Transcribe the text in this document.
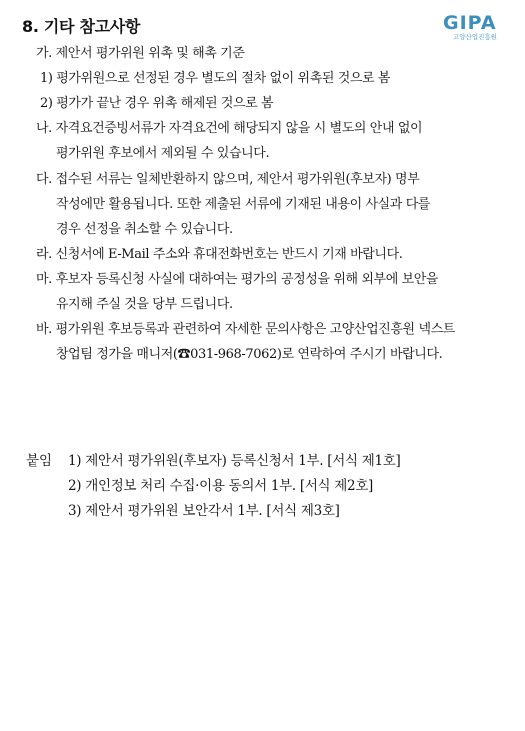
8. 기타 참고사항	GIPA
고양산업진흥원
가. 제안서 평가위원 위촉 및 해촉 기준
1) 평가위원으로 선정된 경우 별도의 절차 없이 위촉된 것으로 봄
2) 평가가 끝난 경우 위촉 해제된 것으로 봄
나. 자격요건증빙서류가 자격요건에 해당되지 않을 시 별도의 안내 없이
평가위원 후보에서 제외될 수 있습니다.
다. 접수된 서류는 일체반환하지 않으며, 제안서 평가위원(후보자) 명부
작성에만 활용됩니다. 또한 제출된 서류에 기재된 내용이 사실과 다를
경우 선정을 취소할 수 있습니다.
라. 신청서에 E-Mail 주소와 휴대전화번호는 반드시 기재 바랍니다.
마. 후보자 등록신청 사실에 대하여는 평가의 공정성을 위해 외부에 보안을
유지해 주실 것을 당부 드립니다.
바. 평가위원 후보등록과 관련하여 자세한 문의사항은 고양산업진흥원 넥스트
창업팀 정가을 매니저(☎031-968-7062)로 연락하여 주시기 바랍니다.
붙임 1) 제안서 평가위원(후보자) 등록신청서 1부. [서식 제1호]
2) 개인정보 처리 수집·이용 동의서 1부. [서식 제2호]
3) 제안서 평가위원 보안각서 1부. [서식 제3호]
